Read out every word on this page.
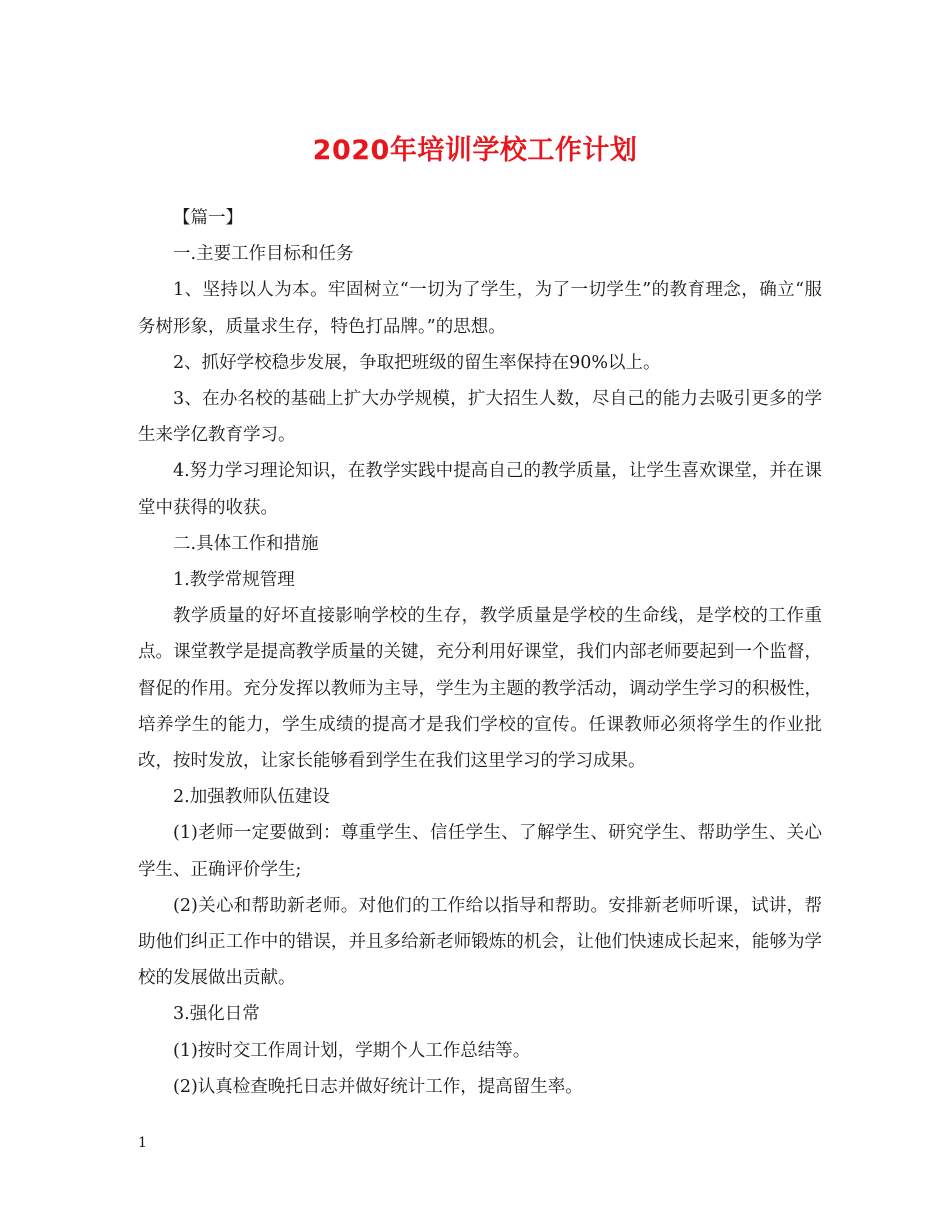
2020年培训学校工作计划

【篇一】

一.主要工作目标和任务

1、坚持以人为本。牢固树立“一切为了学生，为了一切学生”的教育理念，确立“服务树形象，质量求生存，特色打品牌。”的思想。

2、抓好学校稳步发展，争取把班级的留生率保持在90%以上。

3、在办名校的基础上扩大办学规模，扩大招生人数，尽自己的能力去吸引更多的学生来学亿教育学习。

4.努力学习理论知识，在教学实践中提高自己的教学质量，让学生喜欢课堂，并在课堂中获得的收获。

二.具体工作和措施

1.教学常规管理

教学质量的好坏直接影响学校的生存，教学质量是学校的生命线，是学校的工作重点。课堂教学是提高教学质量的关键，充分利用好课堂，我们内部老师要起到一个监督，督促的作用。充分发挥以教师为主导，学生为主题的教学活动，调动学生学习的积极性，培养学生的能力，学生成绩的提高才是我们学校的宣传。任课教师必须将学生的作业批改，按时发放，让家长能够看到学生在我们这里学习的学习成果。

2.加强教师队伍建设

(1)老师一定要做到：尊重学生、信任学生、了解学生、研究学生、帮助学生、关心学生、正确评价学生;

(2)关心和帮助新老师。对他们的工作给以指导和帮助。安排新老师听课，试讲，帮助他们纠正工作中的错误，并且多给新老师锻炼的机会，让他们快速成长起来，能够为学校的发展做出贡献。

3.强化日常

(1)按时交工作周计划，学期个人工作总结等。

(2)认真检查晚托日志并做好统计工作，提高留生率。

1
